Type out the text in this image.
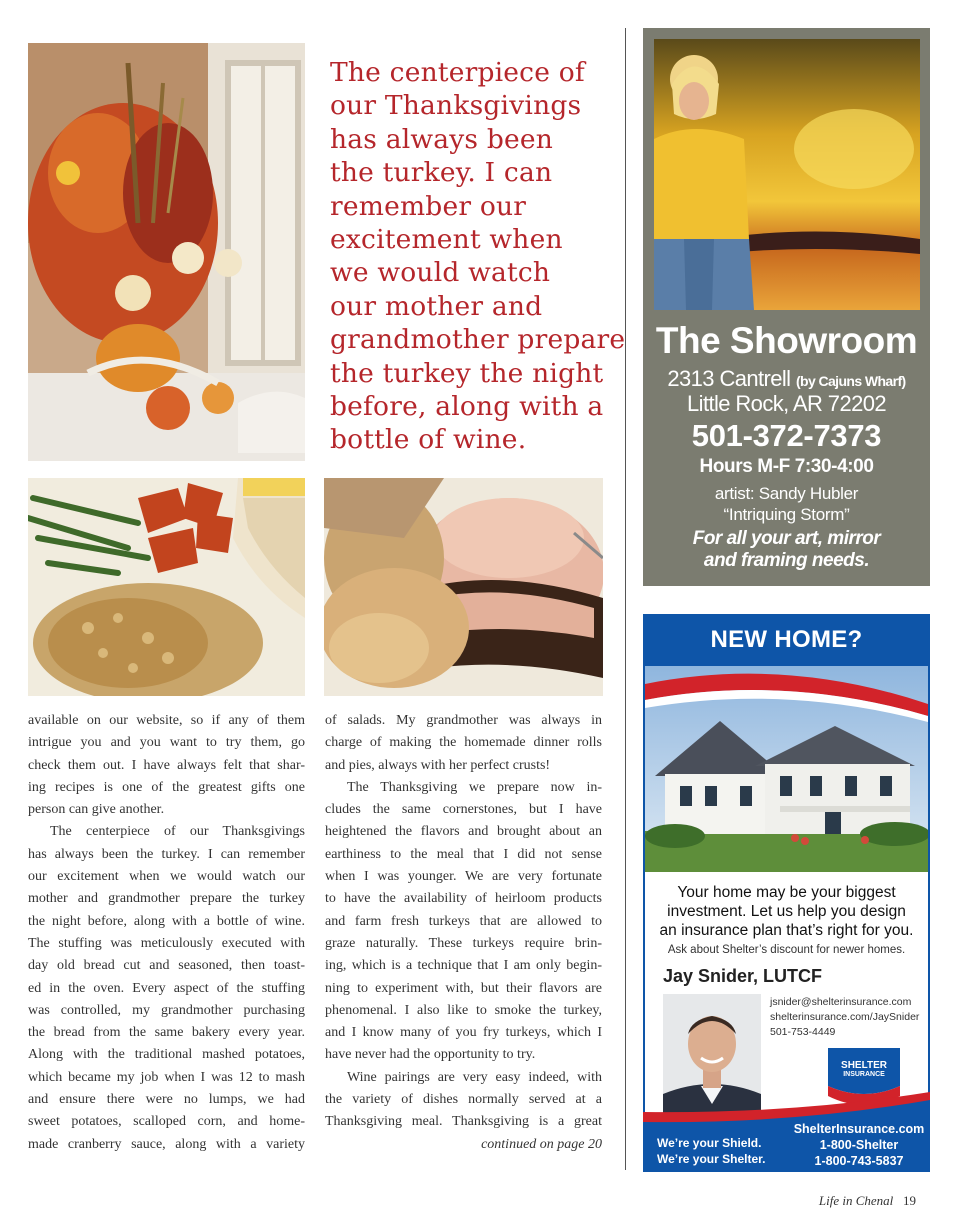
The centerpiece of

our Thanksgivings

has always been

the turkey. I can

remember our

excitement when

we would watch

our mother and

grandmother prepare

the turkey the night

before, along with a

bottle of wine.

available on our website, so if any of them

intrigue you and you want to try them, go

check them out. I have always felt that shar-

ing recipes is one of the greatest gifts one

person can give another.

The centerpiece of our Thanksgivings

has always been the turkey. I can remember

our excitement when we would watch our

mother and grandmother prepare the turkey

the night before, along with a bottle of wine.

The stuffing was meticulously executed with

day old bread cut and seasoned, then toast-

ed in the oven. Every aspect of the stuffing

was controlled, my grandmother purchasing

the bread from the same bakery every year.

Along with the traditional mashed potatoes,

which became my job when I was 12 to mash

and ensure there were no lumps, we had

sweet potatoes, scalloped corn, and home-

made cranberry sauce, along with a variety

of salads. My grandmother was always in

charge of making the homemade dinner rolls

and pies, always with her perfect crusts!

The Thanksgiving we prepare now in-

cludes the same cornerstones, but I have

heightened the flavors and brought about an

earthiness to the meal that I did not sense

when I was younger. We are very fortunate

to have the availability of heirloom products

and farm fresh turkeys that are allowed to

graze naturally. These turkeys require brin-

ing, which is a technique that I am only begin-

ning to experiment with, but their flavors are

phenomenal. I also like to smoke the turkey,

and I know many of you fry turkeys, which I

have never had the opportunity to try.

Wine pairings are very easy indeed, with

the variety of dishes normally served at a

Thanksgiving meal. Thanksgiving is a great

continued on page 20

The Showroom
2313 Cantrell (by Cajuns Wharf)
Little Rock, AR 72202
501-372-7373
Hours M-F 7:30-4:00
artist: Sandy Hubler
“Intriquing Storm”
For all your art, mirror
and framing needs.
NEW HOME?
Your home may be your biggest
investment. Let us help you design
an insurance plan that’s right for you.
Ask about Shelter’s discount for newer homes.
Jay Snider, LUTCF
jsnider@shelterinsurance.com
shelterinsurance.com/JaySnider
501-753-4449
SHELTER
INSURANCE
We’re your Shield.
We’re your Shelter.
ShelterInsurance.com
1-800-Shelter
1-800-743-5837
Life in Chenal 19
